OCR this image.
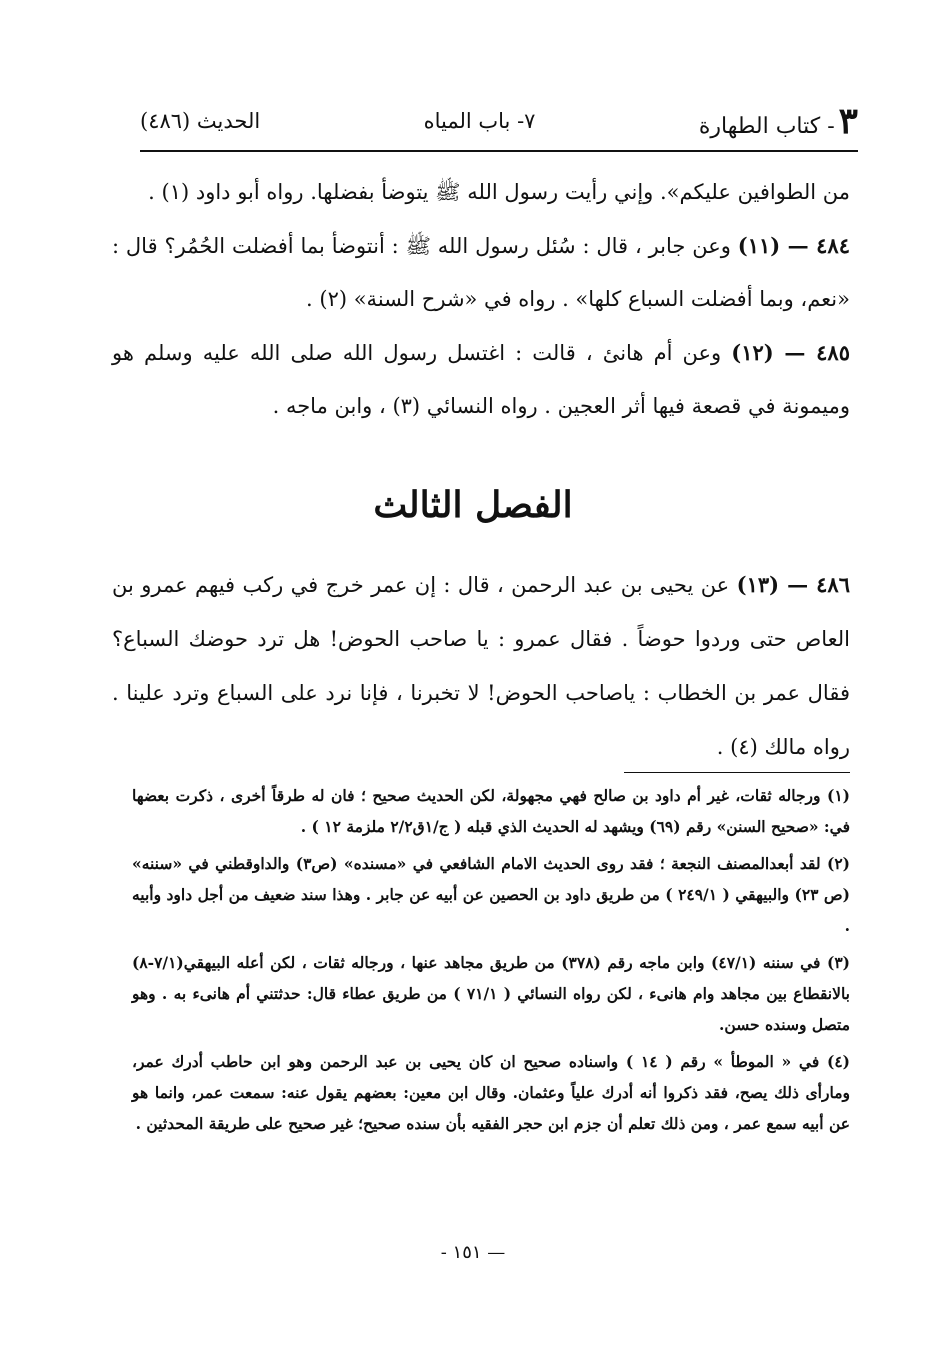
٣- كتاب الطهارة
٧- باب المياه
الحديث (٤٨٦)

من الطوافين عليكم». وإني رأيت رسول الله ﷺ يتوضأ بفضلها. رواه أبو داود (١) .

٤٨٤ — (١١) وعن جابر ، قال : سُئل رسول الله ﷺ : أنتوضأ بما أفضلت الحُمُر؟ قال : «نعم، وبما أفضلت السباع كلها» . رواه في «شرح السنة» (٢) .

٤٨٥ — (١٢) وعن أم هانئ ، قالت : اغتسل رسول الله صلى الله عليه وسلم هو وميمونة في قصعة فيها أثر العجين . رواه النسائي (٣) ، وابن ماجه .

الفصل الثالث

٤٨٦ — (١٣) عن يحيى بن عبد الرحمن ، قال : إن عمر خرج في ركب فيهم عمرو بن العاص حتى وردوا حوضاً . فقال عمرو : يا صاحب الحوض! هل ترد حوضك السباع؟ فقال عمر بن الخطاب : ياصاحب الحوض! لا تخبرنا ، فإنا نرد على السباع وترد علينا . رواه مالك (٤) .

(١) ورجاله ثقات، غير أم داود بن صالح فهي مجهولة، لكن الحديث صحيح ؛ فان له طرقاً أخرى ، ذكرت بعضها في: «صحيح السنن» رقم (٦٩) ويشهد له الحديث الذي قبله ( ج/١ق٢/٢ ملزمة ١٢ ) .

(٢) لقد أبعدالمصنف النجعة ؛ فقد روى الحديث الامام الشافعي في «مسنده» (ص٣) والداوقطني في «سننه» (ص ٢٣) والبيهقي ( ٢٤٩/١ ) من طريق داود بن الحصين عن أبيه عن جابر . وهذا سند ضعيف من أجل داود وأبيه .

(٣) في سننه (٤٧/١) وابن ماجه رقم (٣٧٨) من طريق مجاهد عنها ، ورجاله ثقات ، لكن أعله البيهقي(٧/١-٨) بالانقطاع بين مجاهد وام هانىء ، لكن رواه النسائي ( ٧١/١ ) من طريق عطاء قال: حدثتني أم هانىء به . وهو متصل وسنده حسن.

(٤) في « الموطأ » رقم ( ١٤ ) واسناده صحيح ان كان يحيى بن عبد الرحمن وهو ابن حاطب أدرك عمر، ومارأى ذلك يصح، فقد ذكروا أنه أدرك علياً وعثمان. وقال ابن معين: بعضهم يقول عنه: سمعت عمر، وانما هو عن أبيه سمع عمر ، ومن ذلك تعلم أن جزم ابن حجر الفقيه بأن سنده صحيح؛ غير صحيح على طريقة المحدثين .

— ١٥١ -
